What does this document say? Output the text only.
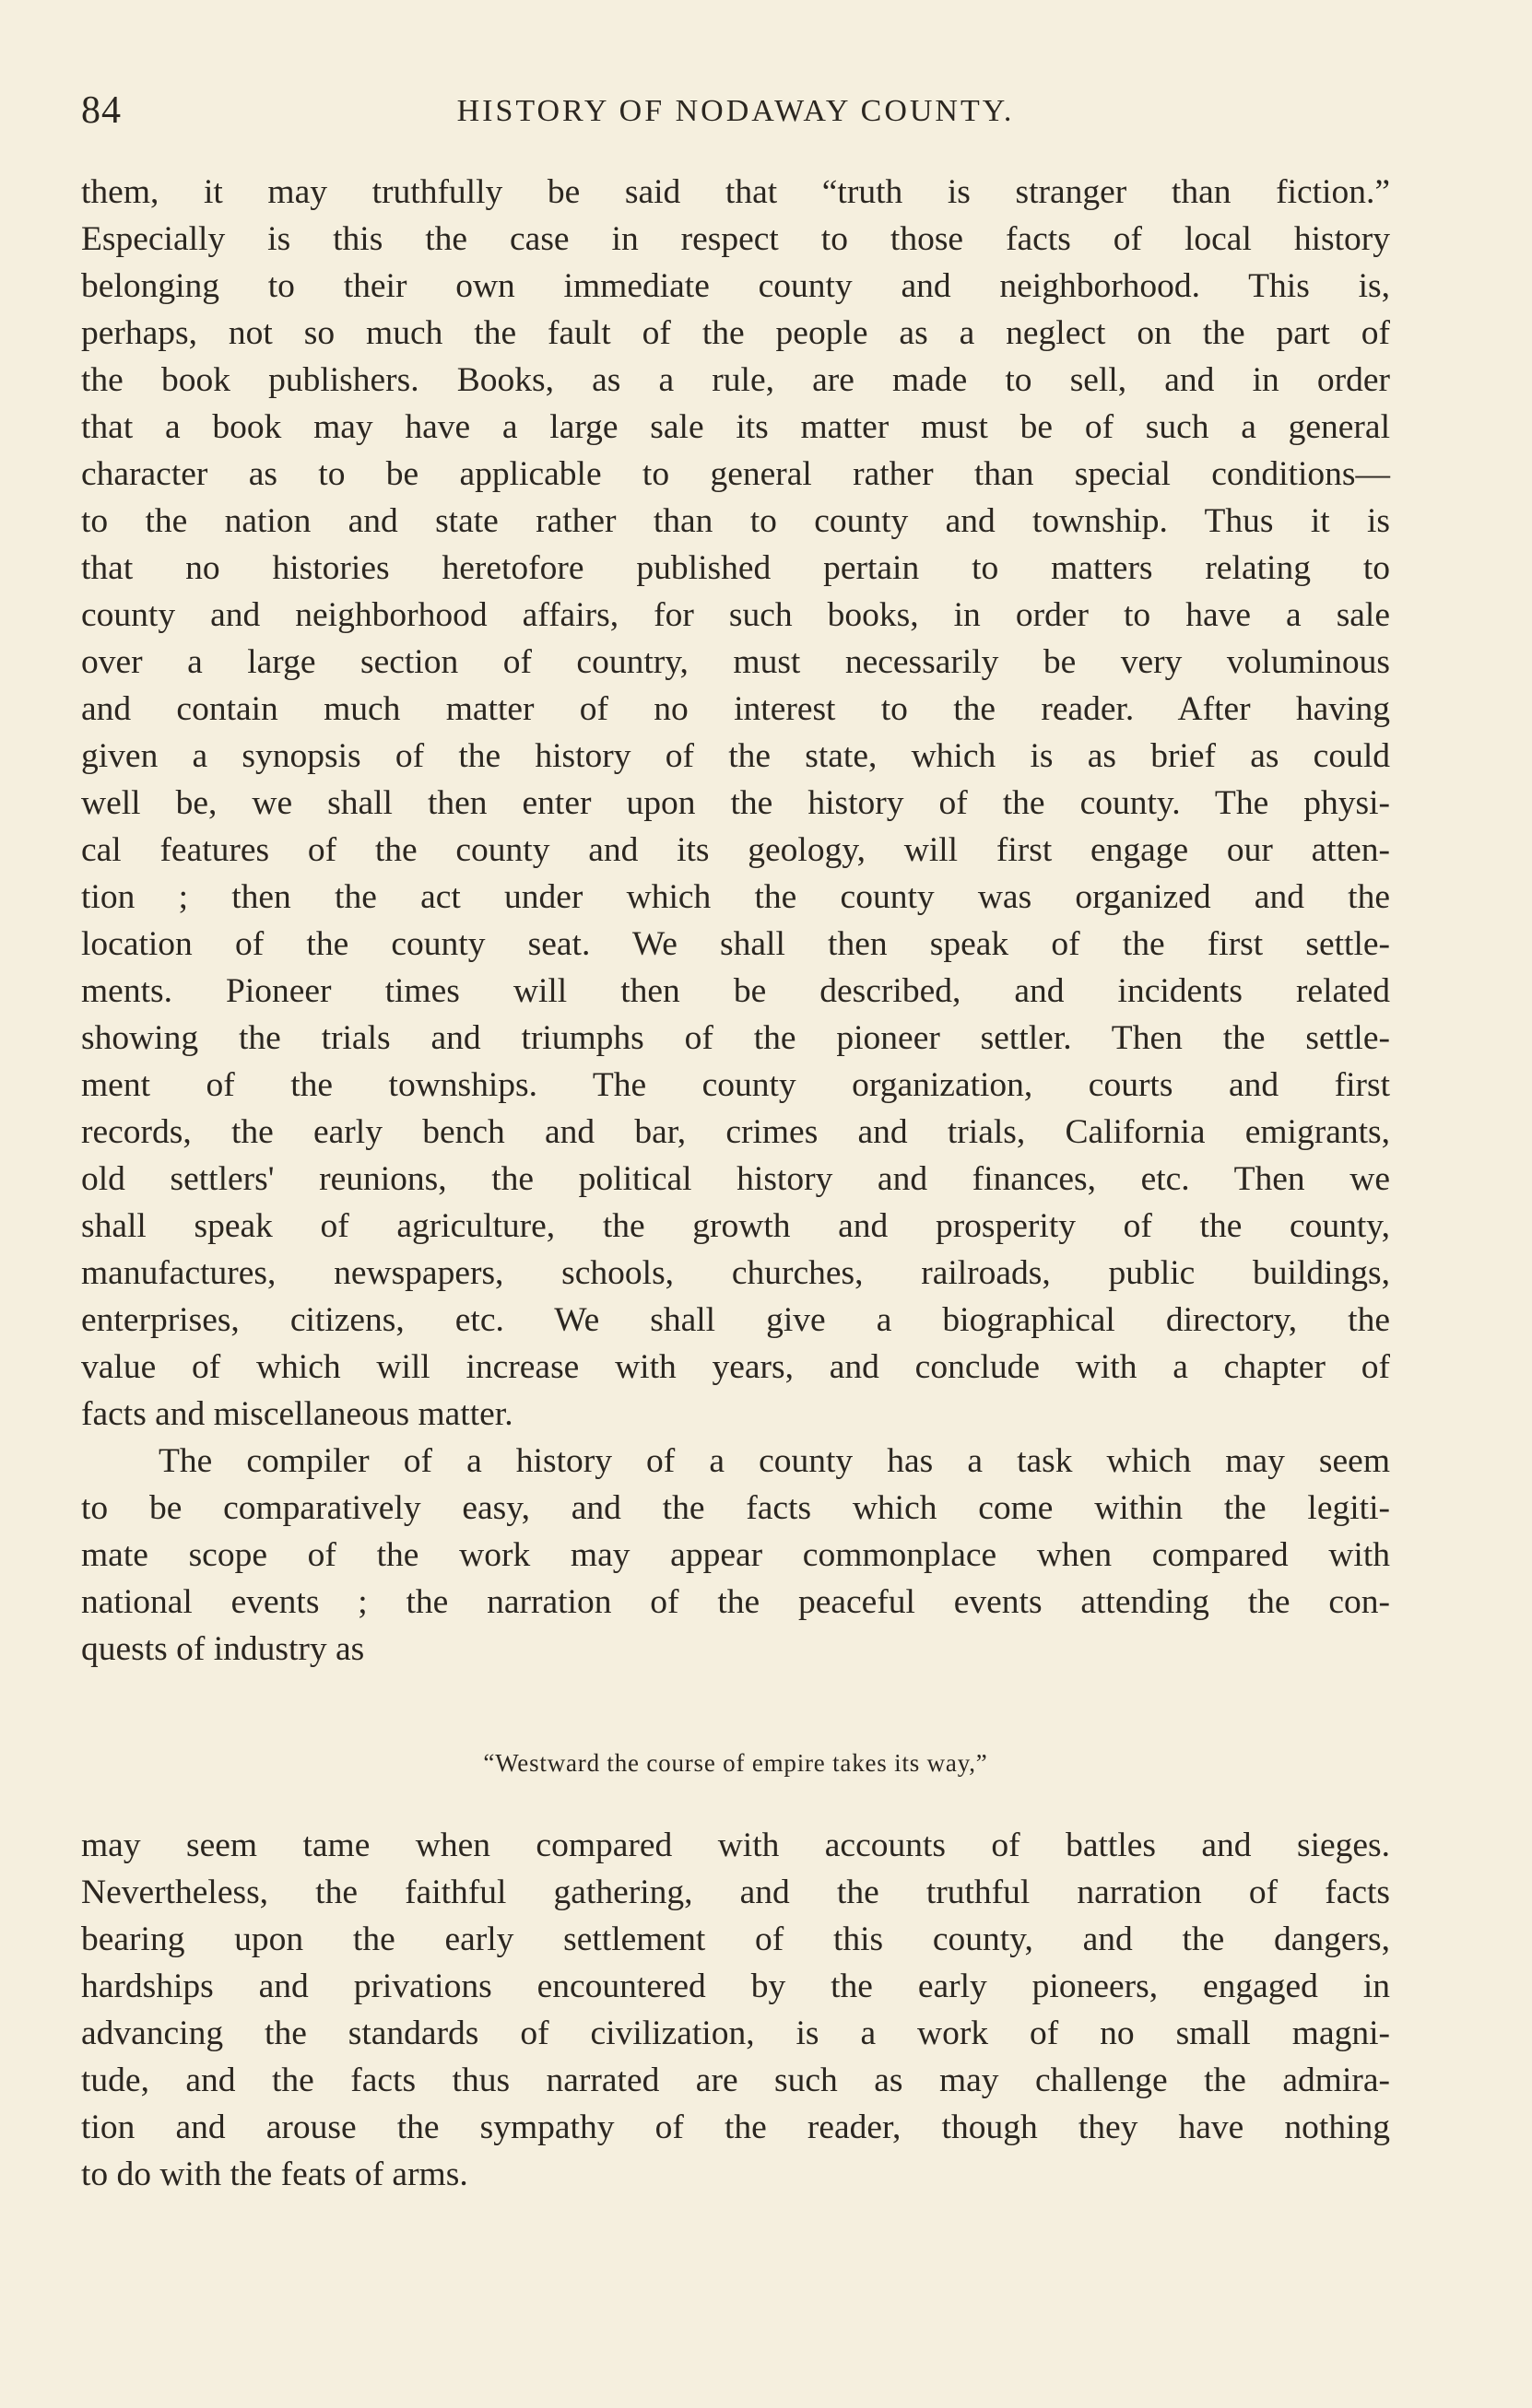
84	HISTORY OF NODAWAY COUNTY.
them, it may truthfully be said that “truth is stranger than fiction.”
Especially is this the case in respect to those facts of local history
belonging to their own immediate county and neighborhood. This is,
perhaps, not so much the fault of the people as a neglect on the part of
the book publishers. Books, as a rule, are made to sell, and in order
that a book may have a large sale its matter must be of such a general
character as to be applicable to general rather than special conditions—
to the nation and state rather than to county and township. Thus it is
that no histories heretofore published pertain to matters relating to
county and neighborhood affairs, for such books, in order to have a sale
over a large section of country, must necessarily be very voluminous
and contain much matter of no interest to the reader. After having
given a synopsis of the history of the state, which is as brief as could
well be, we shall then enter upon the history of the county. The physi-
cal features of the county and its geology, will first engage our atten-
tion ; then the act under which the county was organized and the
location of the county seat. We shall then speak of the first settle-
ments. Pioneer times will then be described, and incidents related
showing the trials and triumphs of the pioneer settler. Then the settle-
ment of the townships. The county organization, courts and first
records, the early bench and bar, crimes and trials, California emigrants,
old settlers' reunions, the political history and finances, etc. Then we
shall speak of agriculture, the growth and prosperity of the county,
manufactures, newspapers, schools, churches, railroads, public buildings,
enterprises, citizens, etc. We shall give a biographical directory, the
value of which will increase with years, and conclude with a chapter of
facts and miscellaneous matter.
The compiler of a history of a county has a task which may seem
to be comparatively easy, and the facts which come within the legiti-
mate scope of the work may appear commonplace when compared with
national events ; the narration of the peaceful events attending the con-
quests of industry as
“Westward the course of empire takes its way,”
may seem tame when compared with accounts of battles and sieges.
Nevertheless, the faithful gathering, and the truthful narration of facts
bearing upon the early settlement of this county, and the dangers,
hardships and privations encountered by the early pioneers, engaged in
advancing the standards of civilization, is a work of no small magni-
tude, and the facts thus narrated are such as may challenge the admira-
tion and arouse the sympathy of the reader, though they have nothing
to do with the feats of arms.
